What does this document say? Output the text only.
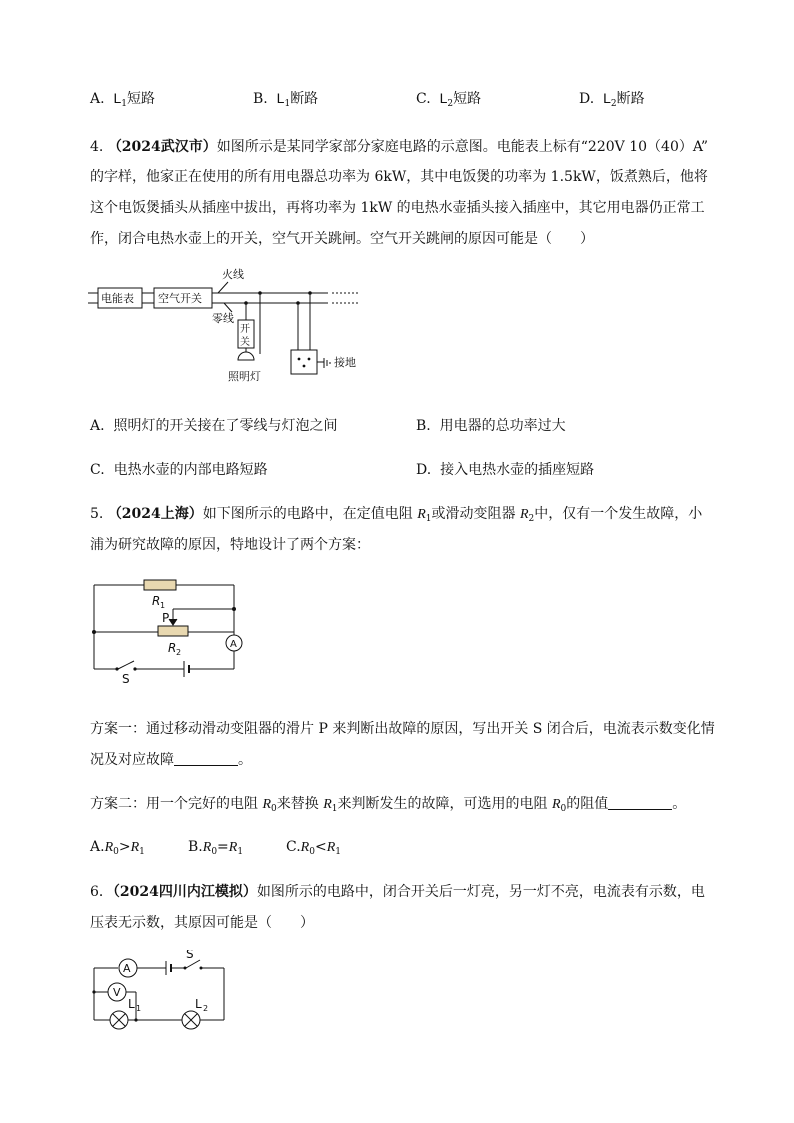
A. $L_1$短路	B. $L_1$断路	C. $L_2$短路	D. $L_2$断路
4. （2024武汉市）如图所示是某同学家部分家庭电路的示意图。电能表上标有“220V 10（40）A”
的字样，他家正在使用的所有用电器总功率为 6kW，其中电饭煲的功率为 1.5kW，饭煮熟后，他将
这个电饭煲插头从插座中拔出，再将功率为 1kW 的电热水壶插头接入插座中，其它用电器仍正常工
作，闭合电热水壶上的开关，空气开关跳闸。空气开关跳闸的原因可能是（　　）
电能表 空气开关
火线
零线
开
关
照明灯
接地
A. 照明灯的开关接在了零线与灯泡之间	B. 用电器的总功率过大
C. 电热水壶的内部电路短路	D. 接入电热水壶的插座短路
5. （2024上海）如下图所示的电路中，在定值电阻 $R_1$或滑动变阻器 $R_2$中，仅有一个发生故障，小
浦为研究故障的原因，特地设计了两个方案：
R 1
P
R 2
A
S
方案一：通过移动滑动变阻器的滑片 P 来判断出故障的原因，写出开关 S 闭合后，电流表示数变化情
况及对应故障	。
方案二：用一个完好的电阻 $R_0$来替换 $R_1$来判断发生的故障，可选用的电阻 $R_0$的阻值	。
$A.R_0>R_1$	$B.R_0=R_1$	$C.R_0<R_1$
6．（2024四川内江模拟）如图所示的电路中，闭合开关后一灯亮，另一灯不亮，电流表有示数，电
压表无示数，其原因可能是（　　）
A
V
S
L 1	L 2
